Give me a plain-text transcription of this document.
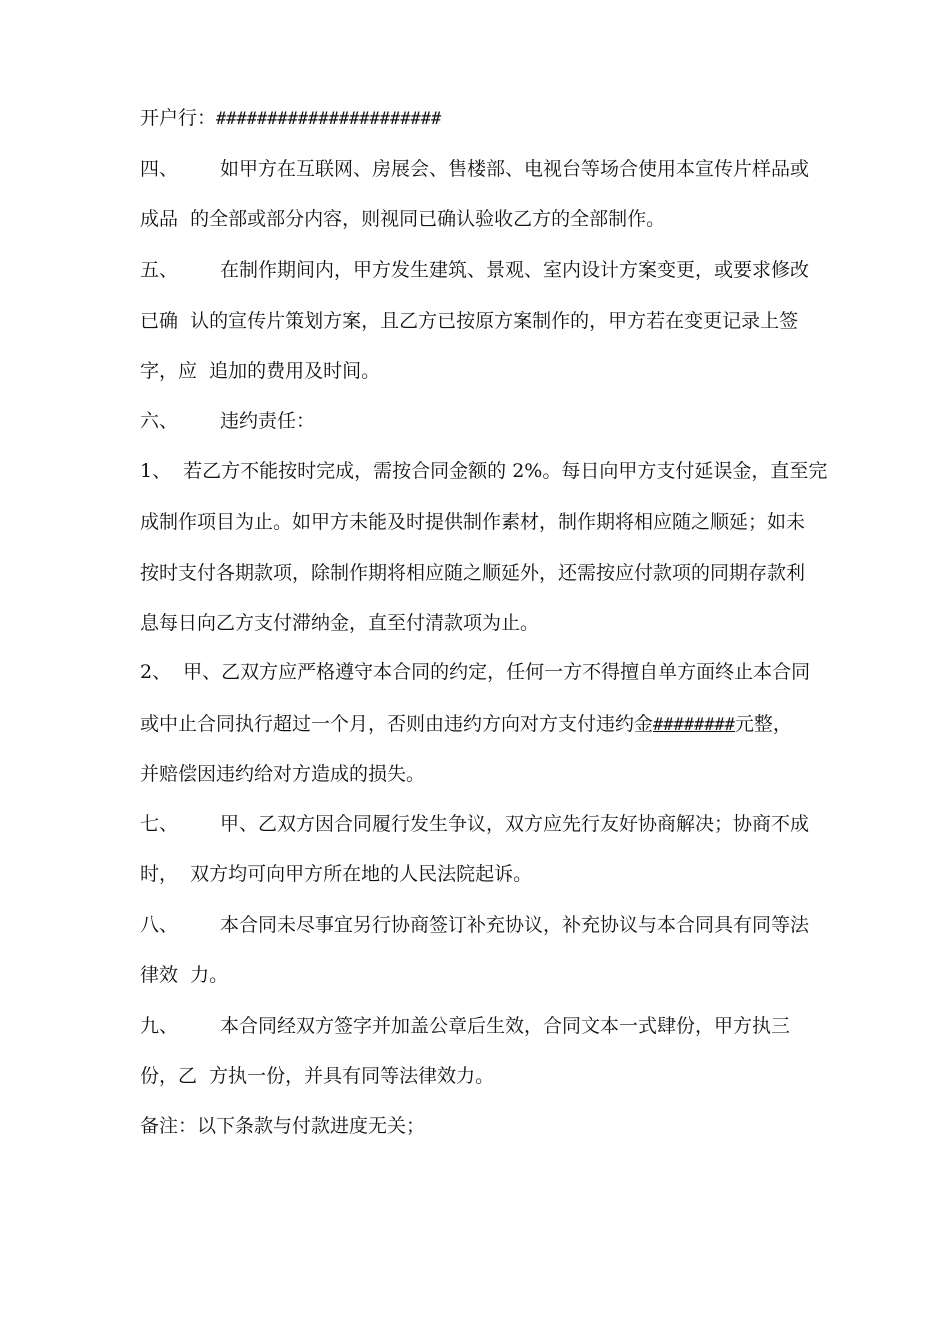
开户行：######################
四、 如甲方在互联网、房展会、售楼部、电视台等场合使用本宣传片样品或
成品  的全部或部分内容，则视同已确认验收乙方的全部制作。
五、 在制作期间内，甲方发生建筑、景观、室内设计方案变更，或要求修改
已确  认的宣传片策划方案，且乙方已按原方案制作的，甲方若在变更记录上签
字，应  追加的费用及时间。
六、 违约责任：
1、  若乙方不能按时完成，需按合同金额的 2%。每日向甲方支付延误金，直至完
成制作项目为止。如甲方未能及时提供制作素材，制作期将相应随之顺延；如未
按时支付各期款项，除制作期将相应随之顺延外，还需按应付款项的同期存款利
息每日向乙方支付滞纳金，直至付清款项为止。
2、  甲、乙双方应严格遵守本合同的约定，任何一方不得擅自单方面终止本合同
或中止合同执行超过一个月，否则由违约方向对方支付违约金########元整，
并赔偿因违约给对方造成的损失。
七、 甲、乙双方因合同履行发生争议，双方应先行友好协商解决；协商不成
时，  双方均可向甲方所在地的人民法院起诉。
八、 本合同未尽事宜另行协商签订补充协议，补充协议与本合同具有同等法
律效  力。
九、 本合同经双方签字并加盖公章后生效，合同文本一式肆份，甲方执三
份，乙  方执一份，并具有同等法律效力。
备注：以下条款与付款进度无关；
